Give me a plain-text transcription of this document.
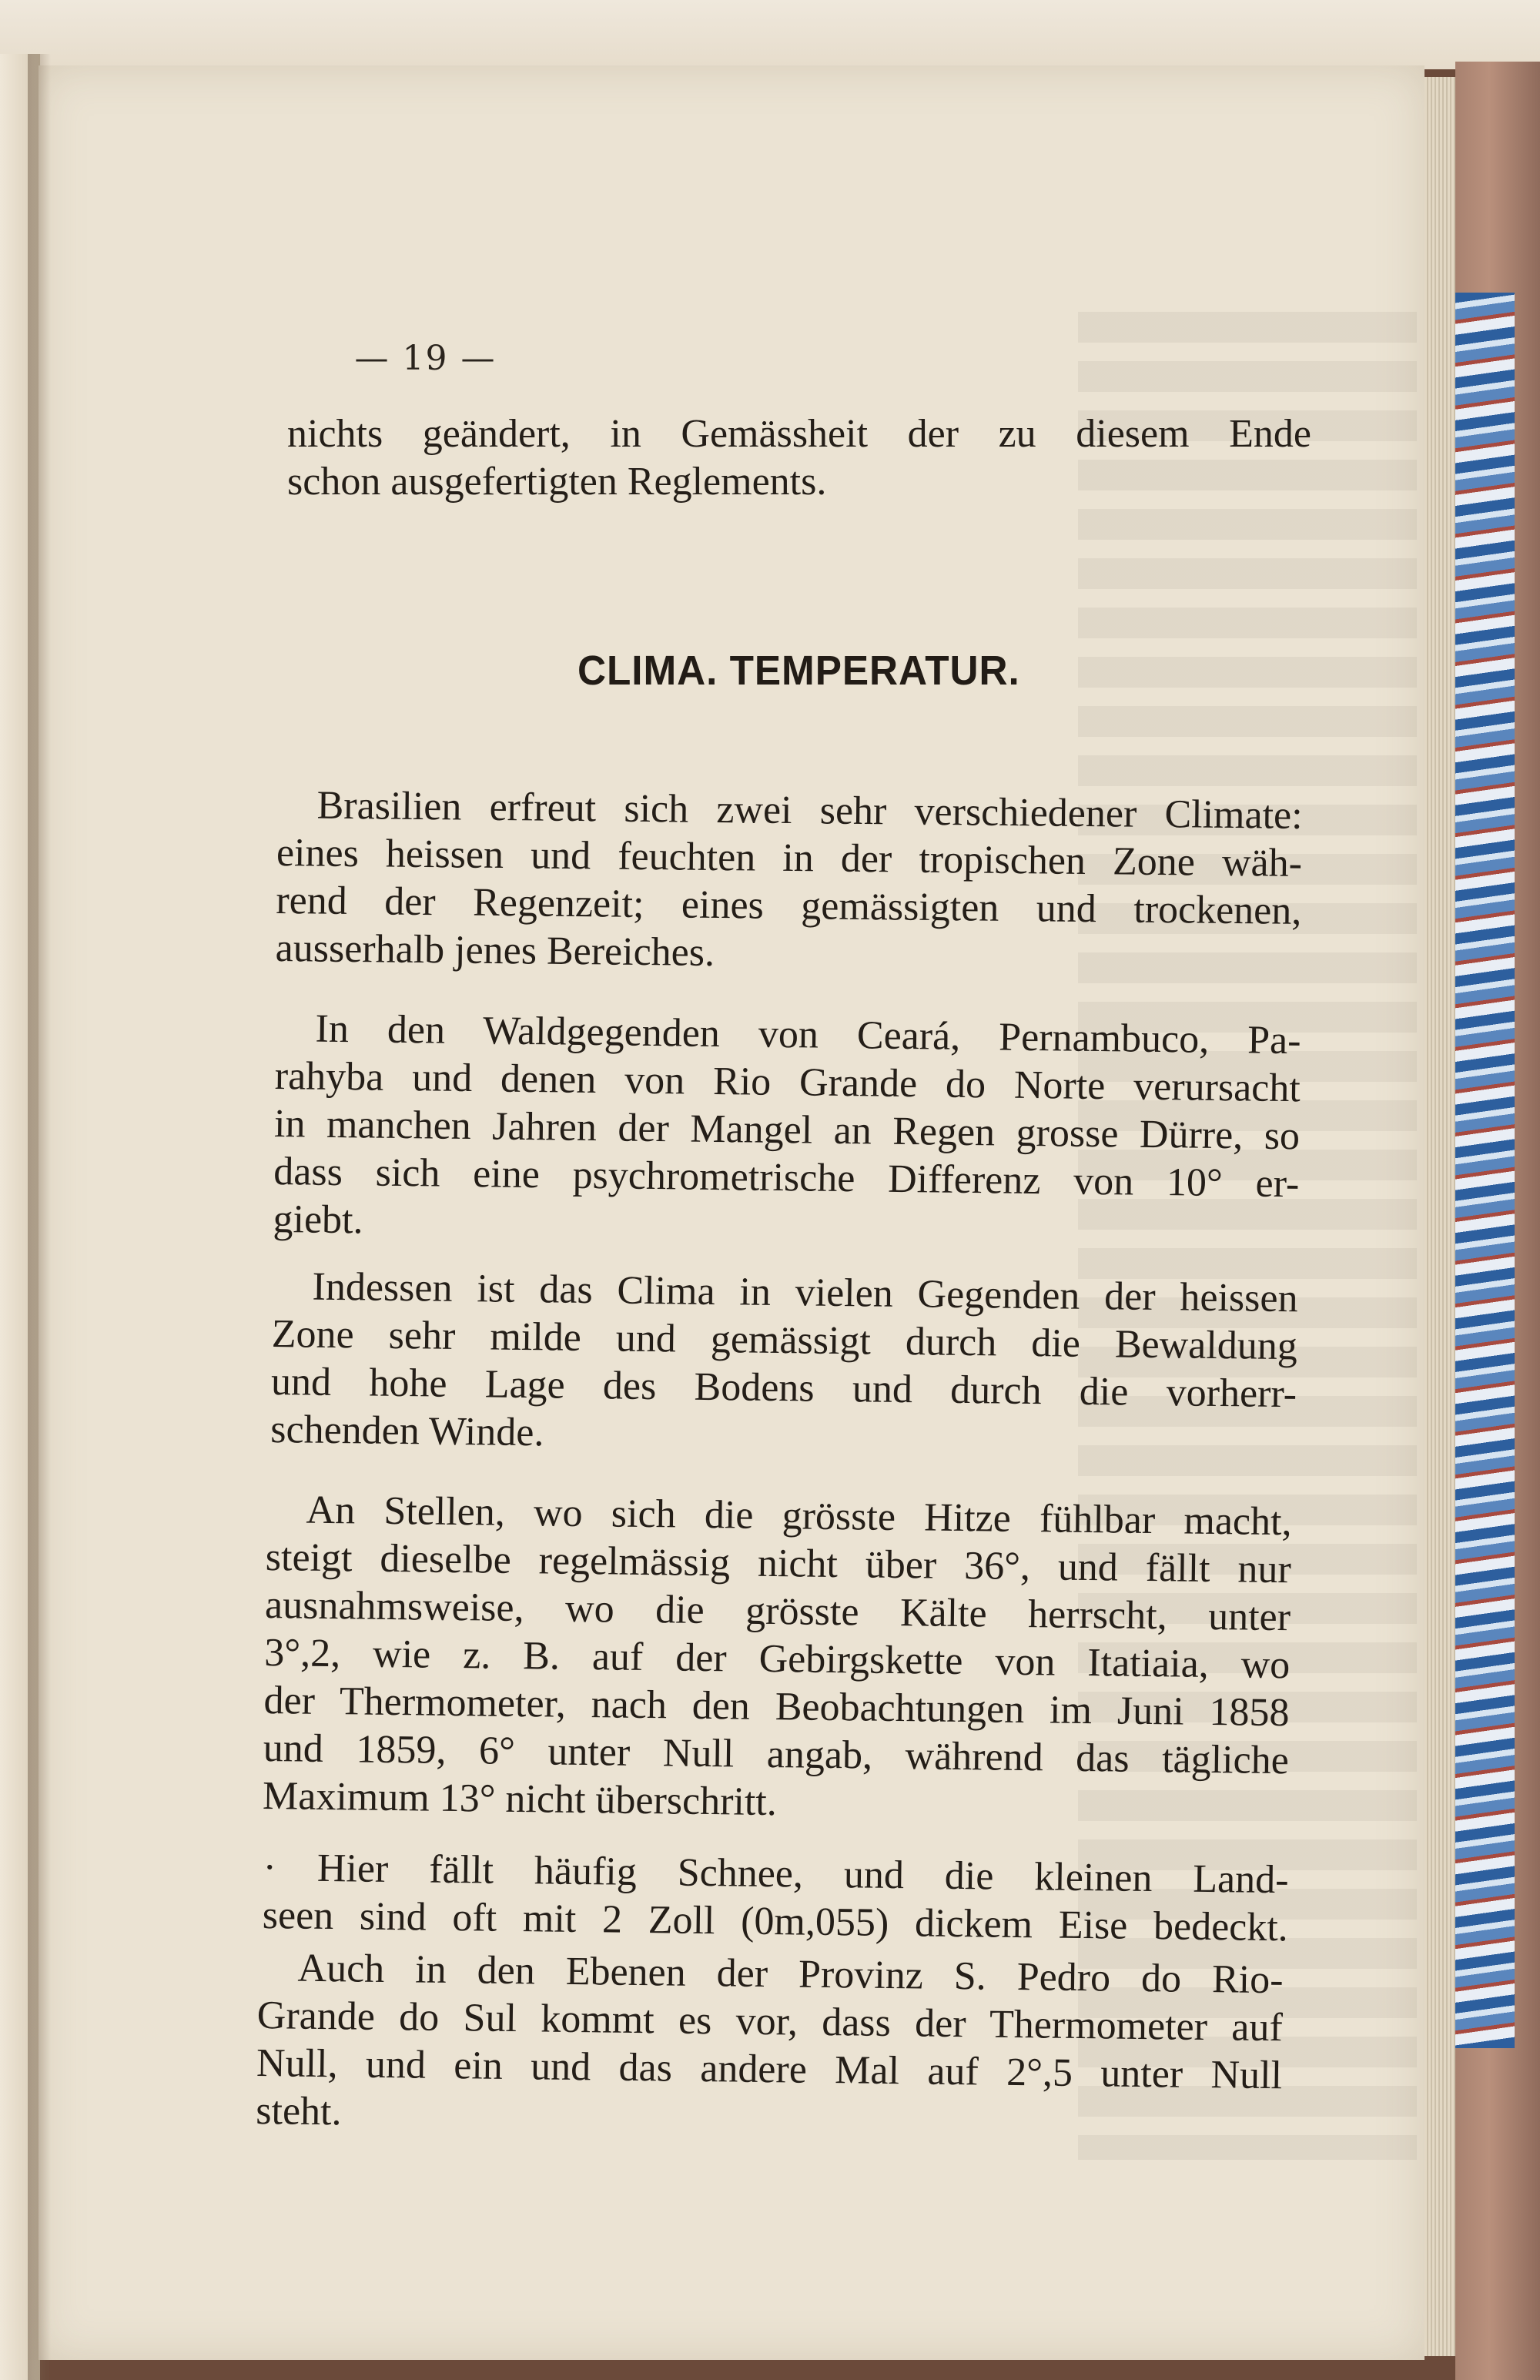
— 19 —
nichts geändert, in Gemässheit der zu diesem Ende
schon ausgefertigten Reglements.
CLIMA. TEMPERATUR.
Brasilien erfreut sich zwei sehr verschiedener Climate:
eines heissen und feuchten in der tropischen Zone wäh-
rend der Regenzeit; eines gemässigten und trockenen,
ausserhalb jenes Bereiches.
In den Waldgegenden von Ceará, Pernambuco, Pa-
rahyba und denen von Rio Grande do Norte verursacht
in manchen Jahren der Mangel an Regen grosse Dürre, so
dass sich eine psychrometrische Differenz von 10° er-
giebt.
Indessen ist das Clima in vielen Gegenden der heissen
Zone sehr milde und gemässigt durch die Bewaldung
und hohe Lage des Bodens und durch die vorherr-
schenden Winde.
An Stellen, wo sich die grösste Hitze fühlbar macht,
steigt dieselbe regelmässig nicht über 36°, und fällt nur
ausnahmsweise, wo die grösste Kälte herrscht, unter
3°,2, wie z. B. auf der Gebirgskette von Itatiaia, wo
der Thermometer, nach den Beobachtungen im Juni 1858
und 1859, 6° unter Null angab, während das tägliche
Maximum 13° nicht überschritt.
· Hier fällt häufig Schnee, und die kleinen Land-
seen sind oft mit 2 Zoll (0m,055) dickem Eise bedeckt.
Auch in den Ebenen der Provinz S. Pedro do Rio-
Grande do Sul kommt es vor, dass der Thermometer auf
Null, und ein und das andere Mal auf 2°,5 unter Null
steht.
